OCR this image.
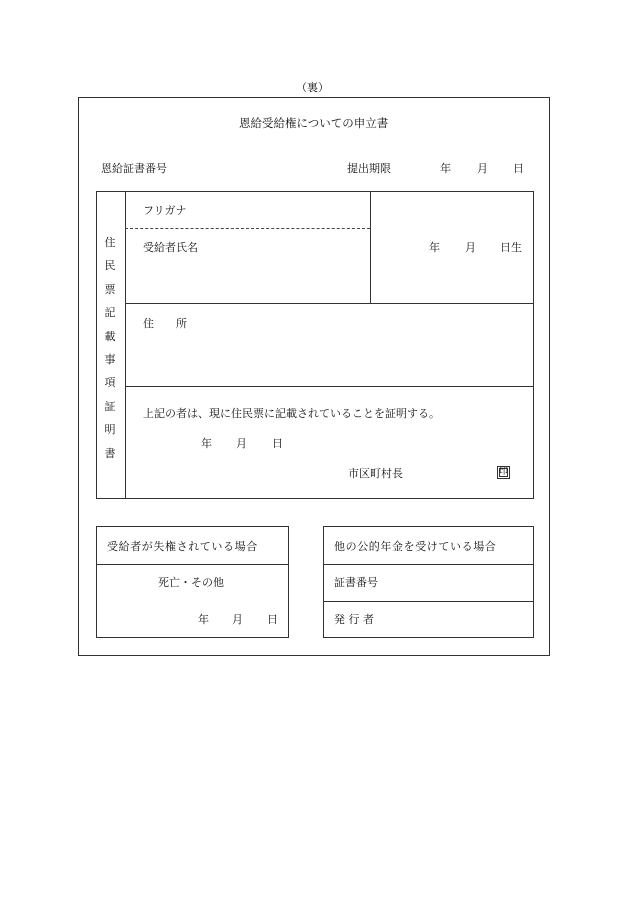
（裏）
恩給受給権についての申立書
恩給証書番号	提出期限	年 月 日
住
民
票
記
載
事
項
証
明
書
フリガナ
受給者氏名	年 月 日生
住　　所
上記の者は、現に住民票に記載されていることを証明する。
年 月 日
市区町村長	印
受給者が失権されている場合
死亡・その他
年 月 日
他の公的年金を受けている場合
証書番号
発 行 者
